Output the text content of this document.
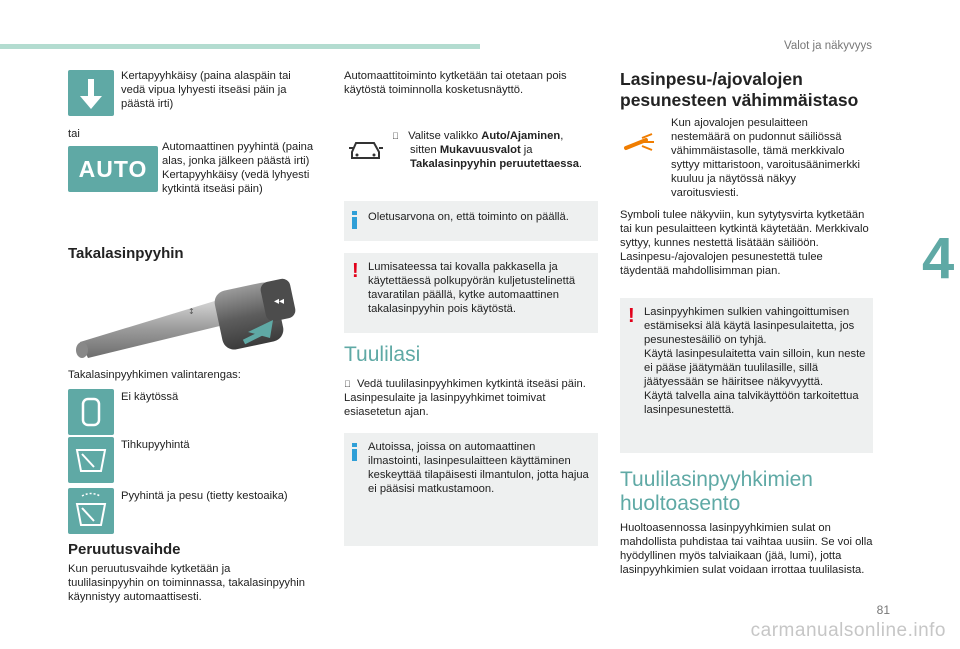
Valot ja näkyvyys
Kertapyyhkäisy (paina alaspäin tai vedä vipua lyhyesti itseäsi päin ja päästä irti)
tai
AUTO
Automaattinen pyyhintä (paina alas, jonka jälkeen päästä irti)
Kertapyyhkäisy (vedä lyhyesti kytkintä itseäsi päin)
Takalasinpyyhin
◂◂
↕
Takalasinpyyhkimen valintarengas:
Ei käytössä
Tihkupyyhintä
Pyyhintä ja pesu (tietty kestoaika)
Peruutusvaihde
Kun peruutusvaihde kytketään ja tuulilasinpyyhin on toiminnassa, takalasinpyyhin käynnistyy automaattisesti.
Automaattitoiminto kytketään tai otetaan pois käytöstä toiminnolla kosketusnäyttö.
Valitse valikko Auto/Ajaminen,
sitten Mukavuusvalot ja
Takalasinpyyhin peruutettaessa.
Oletusarvona on, että toiminto on päällä.
! Lumisateessa tai kovalla pakkasella ja käytettäessä polkupyörän kuljetustelinettä tavaratilan päällä, kytke automaattinen takalasinpyyhin pois käytöstä.
Tuulilasi
Vedä tuulilasinpyyhkimen kytkintä itseäsi päin.
Lasinpesulaite ja lasinpyyhkimet toimivat esiasetetun ajan.
Autoissa, joissa on automaattinen ilmastointi, lasinpesulaitteen käyttäminen keskeyttää tilapäisesti ilmantulon, jotta hajua ei pääsisi matkustamoon.
Lasinpesu-/ajovalojen pesunesteen vähimmäistaso
Kun ajovalojen pesulaitteen nestemäärä on pudonnut säiliössä vähimmäistasolle, tämä merkkivalo syttyy mittaristoon, varoitusäänimerkki kuuluu ja näytössä näkyy varoitusviesti.
Symboli tulee näkyviin, kun sytytysvirta kytketään tai kun pesulaitteen kytkintä käytetään. Merkkivalo syttyy, kunnes nestettä lisätään säiliöön.
Lasinpesu-/ajovalojen pesunestettä tulee täydentää mahdollisimman pian.
! Lasinpyyhkimen sulkien vahingoittumisen estämiseksi älä käytä lasinpesulaitetta, jos pesunestesäiliö on tyhjä.
Käytä lasinpesulaitetta vain silloin, kun neste ei pääse jäätymään tuulilasille, sillä jäätyessään se häiritsee näkyvyyttä.
Käytä talvella aina talvikäyttöön tarkoitettua lasinpesunestettä.
Tuulilasinpyyhkimien huoltoasento
Huoltoasennossa lasinpyyhkimien sulat on mahdollista puhdistaa tai vaihtaa uusiin. Se voi olla hyödyllinen myös talviaikaan (jää, lumi), jotta lasinpyyhkimien sulat voidaan irrottaa tuulilasista.
4
81
carmanualsonline.info
